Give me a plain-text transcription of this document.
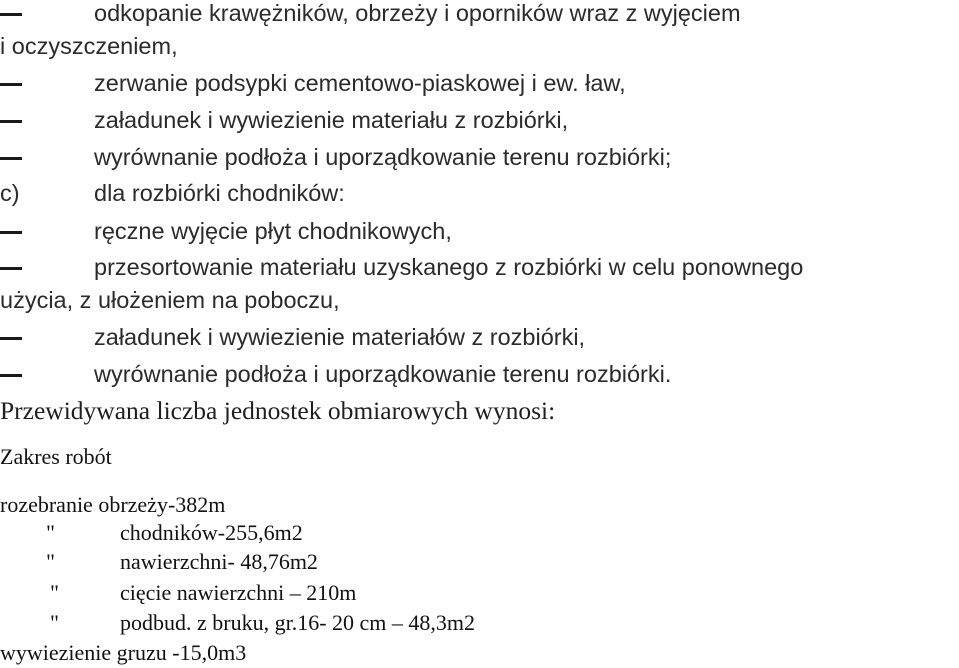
odkopanie krawężników, obrzeży i oporników wraz z wyjęciem
i oczyszczeniem,
zerwanie podsypki cementowo-piaskowej i ew. ław,
załadunek i wywiezienie materiału z rozbiórki,
wyrównanie podłoża i uporządkowanie terenu rozbiórki;
c)	dla rozbiórki chodników:
ręczne wyjęcie płyt chodnikowych,
przesortowanie materiału uzyskanego z rozbiórki w celu ponownego
użycia, z ułożeniem na poboczu,
załadunek i wywiezienie materiałów z rozbiórki,
wyrównanie podłoża i uporządkowanie terenu rozbiórki.
Przewidywana liczba jednostek obmiarowych wynosi:
Zakres robót
rozebranie obrzeży-382m
"	chodników-255,6m2
"	nawierzchni- 48,76m2
"	cięcie nawierzchni – 210m
"	podbud. z bruku, gr.16- 20 cm – 48,3m2
wywiezienie gruzu -15,0m3
